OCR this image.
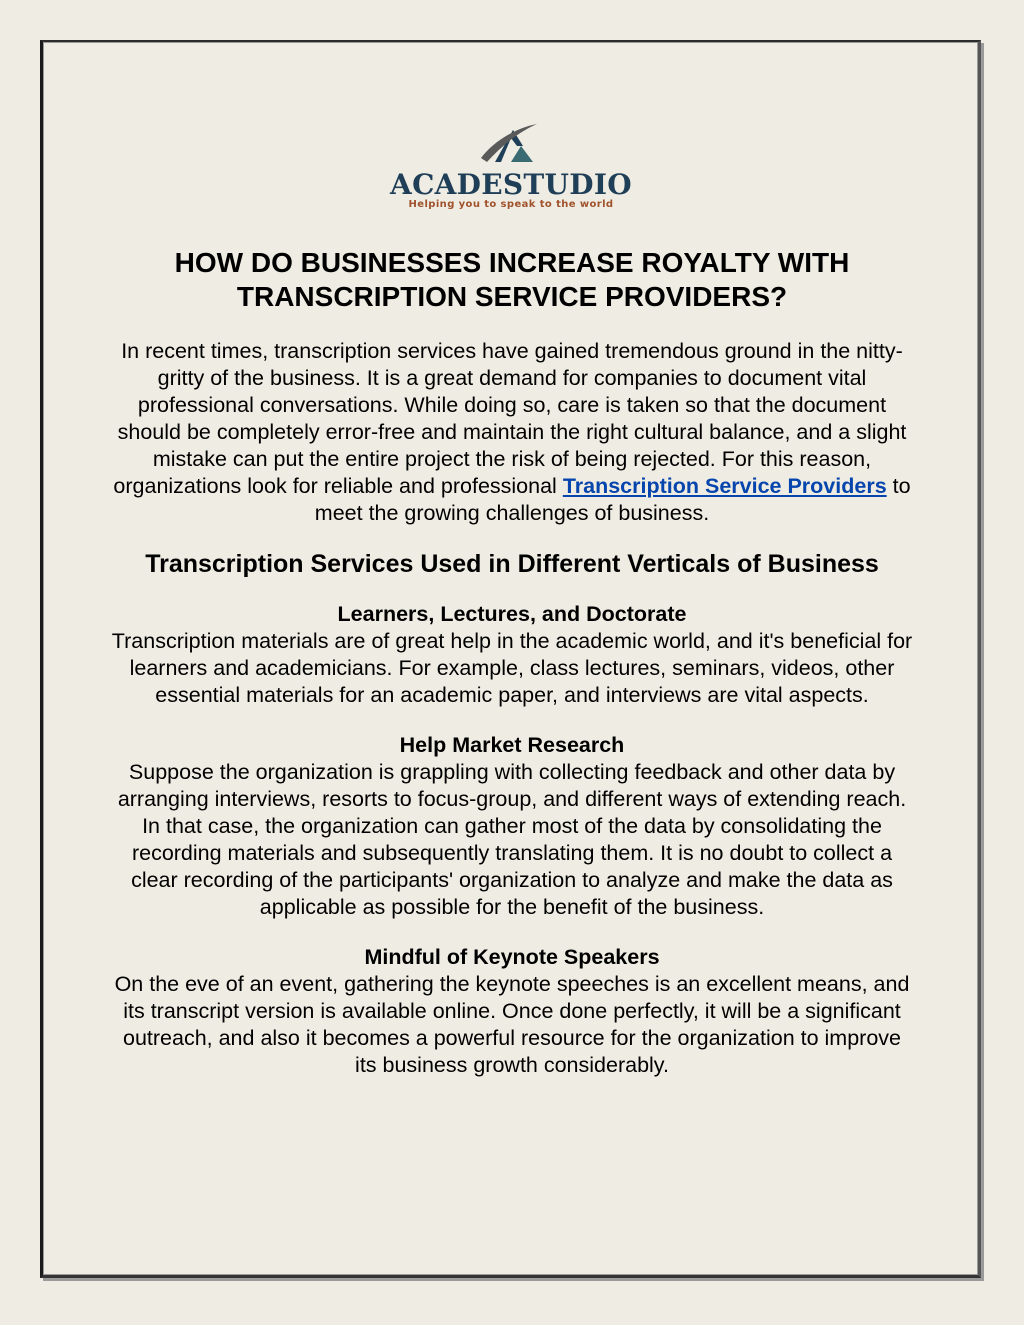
ACADESTUDIO
Helping you to speak to the world
HOW DO BUSINESSES INCREASE ROYALTY WITH TRANSCRIPTION SERVICE PROVIDERS?

In recent times, transcription services have gained tremendous ground in the nitty-gritty of the business. It is a great demand for companies to document vital professional conversations. While doing so, care is taken so that the document should be completely error-free and maintain the right cultural balance, and a slight mistake can put the entire project the risk of being rejected. For this reason, organizations look for reliable and professional Transcription Service Providers to meet the growing challenges of business.

Transcription Services Used in Different Verticals of Business
Learners, Lectures, and Doctorate

Transcription materials are of great help in the academic world, and it's beneficial for learners and academicians. For example, class lectures, seminars, videos, other essential materials for an academic paper, and interviews are vital aspects.

Help Market Research

Suppose the organization is grappling with collecting feedback and other data by arranging interviews, resorts to focus-group, and different ways of extending reach. In that case, the organization can gather most of the data by consolidating the recording materials and subsequently translating them. It is no doubt to collect a clear recording of the participants' organization to analyze and make the data as applicable as possible for the benefit of the business.

Mindful of Keynote Speakers

On the eve of an event, gathering the keynote speeches is an excellent means, and its transcript version is available online. Once done perfectly, it will be a significant outreach, and also it becomes a powerful resource for the organization to improve its business growth considerably.
